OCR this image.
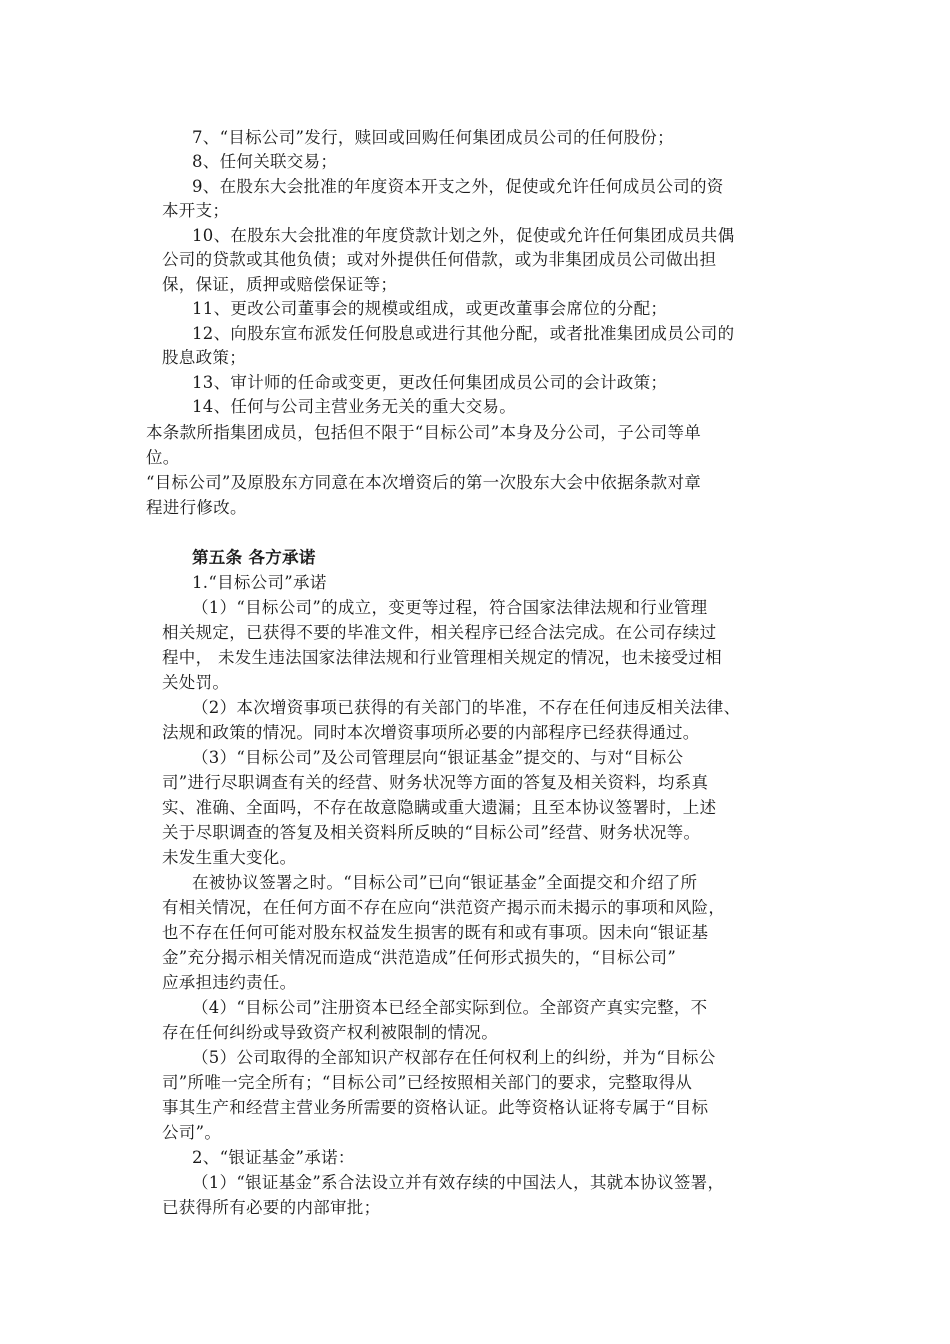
7、“目标公司”发行，赎回或回购任何集团成员公司的任何股份；
8、任何关联交易；
9、在股东大会批准的年度资本开支之外，促使或允许任何成员公司的资
本开支；
10、在股东大会批准的年度贷款计划之外，促使或允许任何集团成员共偶
公司的贷款或其他负债；或对外提供任何借款，或为非集团成员公司做出担
保，保证，质押或赔偿保证等；
11、更改公司董事会的规模或组成，或更改董事会席位的分配；
12、向股东宣布派发任何股息或进行其他分配，或者批准集团成员公司的
股息政策；
13、审计师的任命或变更，更改任何集团成员公司的会计政策；
14、任何与公司主营业务无关的重大交易。
本条款所指集团成员，包括但不限于“目标公司”本身及分公司，子公司等单
位。
“目标公司”及原股东方同意在本次增资后的第一次股东大会中依据条款对章
程进行修改。
第五条 各方承诺
1.“目标公司”承诺
（1）“目标公司”的成立，变更等过程，符合国家法律法规和行业管理
相关规定，已获得不要的毕准文件，相关程序已经合法完成。在公司存续过
程中， 未发生违法国家法律法规和行业管理相关规定的情况，也未接受过相
关处罚。
（2）本次增资事项已获得的有关部门的毕准，不存在任何违反相关法律、
法规和政策的情况。同时本次增资事项所必要的内部程序已经获得通过。
（3）“目标公司”及公司管理层向“银证基金”提交的、与对“目标公
司”进行尽职调查有关的经营、财务状况等方面的答复及相关资料，均系真
实、准确、全面吗，不存在故意隐瞒或重大遗漏；且至本协议签署时，上述
关于尽职调查的答复及相关资料所反映的“目标公司”经营、财务状况等。
未发生重大变化。
在被协议签署之时。“目标公司”已向“银证基金”全面提交和介绍了所
有相关情况，在任何方面不存在应向“洪范资产揭示而未揭示的事项和风险，
也不存在任何可能对股东权益发生损害的既有和或有事项。因未向“银证基
金”充分揭示相关情况而造成“洪范造成”任何形式损失的，“目标公司”
应承担违约责任。
（4）“目标公司”注册资本已经全部实际到位。全部资产真实完整，不
存在任何纠纷或导致资产权利被限制的情况。
（5）公司取得的全部知识产权部存在任何权利上的纠纷，并为“目标公
司”所唯一完全所有；“目标公司”已经按照相关部门的要求，完整取得从
事其生产和经营主营业务所需要的资格认证。此等资格认证将专属于“目标
公司”。
2、“银证基金”承诺：
（1）“银证基金”系合法设立并有效存续的中国法人，其就本协议签署，
已获得所有必要的内部审批；
